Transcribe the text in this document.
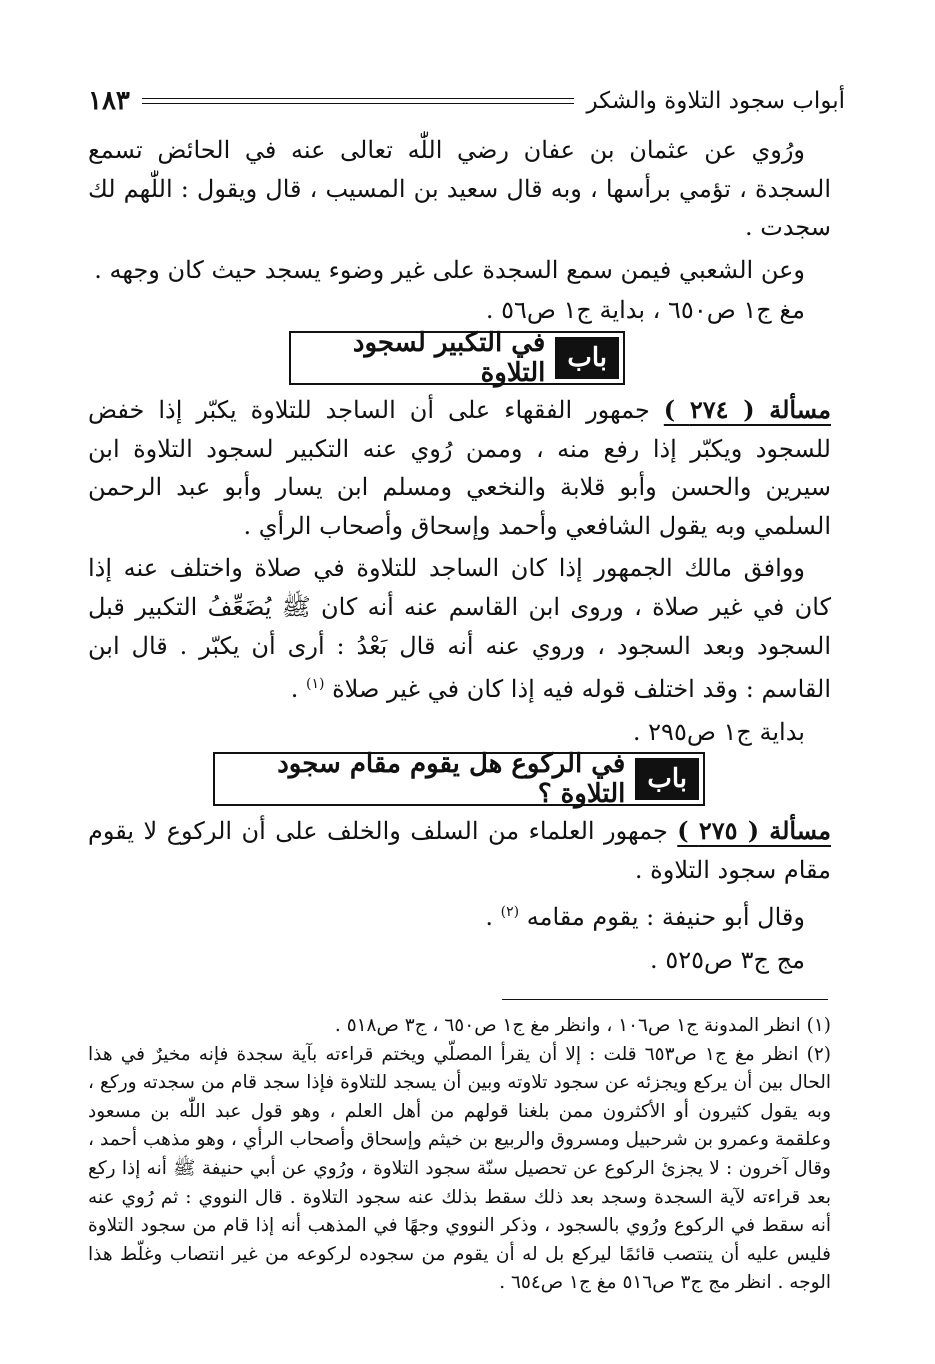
أبواب سجود التلاوة والشكر
١٨٣
ورُوي عن عثمان بن عفان رضي اللّٰه تعالى عنه في الحائض تسمع السجدة ، تؤمي برأسها ، وبه قال سعيد بن المسيب ، قال ويقول : اللّٰهم لك سجدت .
وعن الشعبي فيمن سمع السجدة على غير وضوء يسجد حيث كان وجهه .
مغ ج١ ص٦٥٠ ، بداية ج١ ص٥٦ .
باب
في التكبير لسجود التلاوة
مسألة ( ٢٧٤ ) جمهور الفقهاء على أن الساجد للتلاوة يكبّر إذا خفض للسجود ويكبّر إذا رفع منه ، وممن رُوي عنه التكبير لسجود التلاوة ابن سيرين والحسن وأبو قلابة والنخعي ومسلم ابن يسار وأبو عبد الرحمن السلمي وبه يقول الشافعي وأحمد وإسحاق وأصحاب الرأي .
ووافق مالك الجمهور إذا كان الساجد للتلاوة في صلاة واختلف عنه إذا كان في غير صلاة ، وروى ابن القاسم عنه أنه كان ﷺ يُضَعِّفُ التكبير قبل السجود وبعد السجود ، وروي عنه أنه قال بَعْدُ : أرى أن يكبّر . قال ابن القاسم : وقد اختلف قوله فيه إذا كان في غير صلاة $^{(١)}$ .
بداية ج١ ص٢٩٥ .
باب
في الركوع هل يقوم مقام سجود التلاوة ؟
مسألة ( ٢٧٥ ) جمهور العلماء من السلف والخلف على أن الركوع لا يقوم مقام سجود التلاوة .
وقال أبو حنيفة : يقوم مقامه $^{(٢)}$ .
مج ج٣ ص٥٢٥ .
(١) انظر المدونة ج١ ص١٠٦ ، وانظر مغ ج١ ص٦٥٠ ، ج٣ ص٥١٨ .
(٢) انظر مغ ج١ ص٦٥٣ قلت : إلا أن يقرأ المصلّي ويختم قراءته بآية سجدة فإنه مخيرٌ في هذا الحال بين أن يركع ويجزئه عن سجود تلاوته وبين أن يسجد للتلاوة فإذا سجد قام من سجدته وركع ، وبه يقول كثيرون أو الأكثرون ممن بلغنا قولهم من أهل العلم ، وهو قول عبد اللّٰه بن مسعود وعلقمة وعمرو بن شرحبيل ومسروق والربيع بن خيثم وإسحاق وأصحاب الرأي ، وهو مذهب أحمد ، وقال آخرون : لا يجزئ الركوع عن تحصيل سنّة سجود التلاوة ، ورُوي عن أبي حنيفة ﷺ أنه إذا ركع بعد قراءته لآية السجدة وسجد بعد ذلك سقط بذلك عنه سجود التلاوة . قال النووي : ثم رُوي عنه أنه سقط في الركوع ورُوي بالسجود ، وذكر النووي وجهًا في المذهب أنه إذا قام من سجود التلاوة فليس عليه أن ينتصب قائمًا ليركع بل له أن يقوم من سجوده لركوعه من غير انتصاب وغلّط هذا الوجه . انظر مج ج٣ ص٥١٦ مغ ج١ ص٦٥٤ .
